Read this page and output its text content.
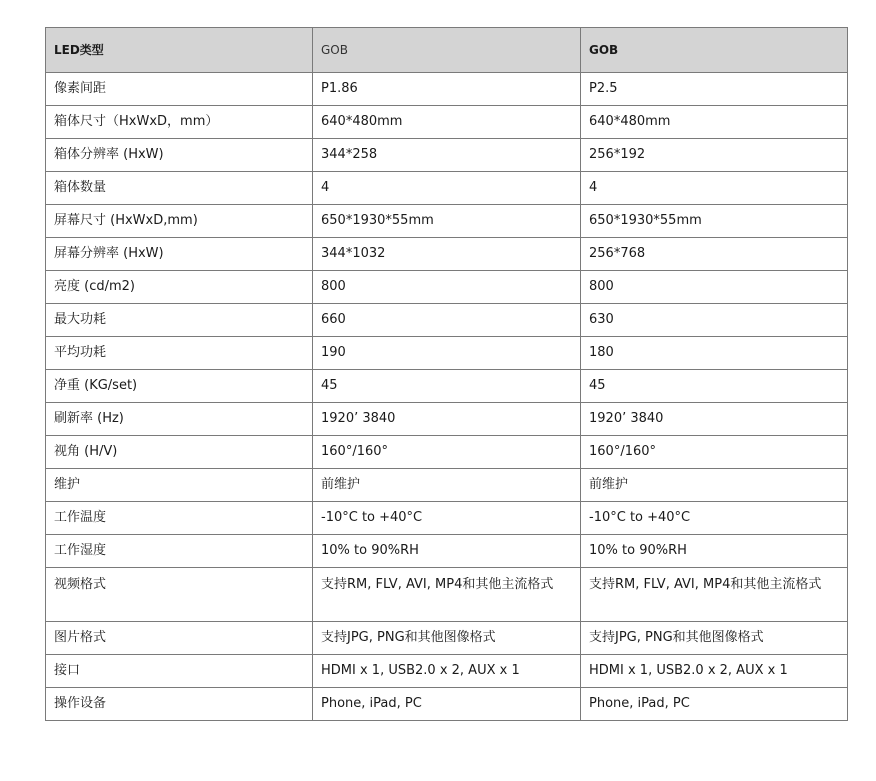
LED类型	GOB	GOB
像素间距	P1.86	P2.5
箱体尺寸（HxWxD，mm）	640*480mm	640*480mm
箱体分辨率 (HxW)	344*258	256*192
箱体数量	4	4
屏幕尺寸 (HxWxD,mm)	650*1930*55mm	650*1930*55mm
屏幕分辨率 (HxW)	344*1032	256*768
亮度 (cd/m2)	800	800
最大功耗	660	630
平均功耗	190	180
净重 (KG/set)	45	45
刷新率 (Hz)	1920’ 3840	1920’ 3840
视角 (H/V)	160°/160°	160°/160°
维护	前维护	前维护
工作温度	-10°C to +40°C	-10°C to +40°C
工作湿度	10% to 90%RH	10% to 90%RH
视频格式	支持RM, FLV, AVI, MP4和其他主流格式	支持RM, FLV, AVI, MP4和其他主流格式
图片格式	支持JPG, PNG和其他图像格式	支持JPG, PNG和其他图像格式
接口	HDMI x 1, USB2.0 x 2, AUX x 1	HDMI x 1, USB2.0 x 2, AUX x 1
操作设备	Phone, iPad, PC	Phone, iPad, PC
